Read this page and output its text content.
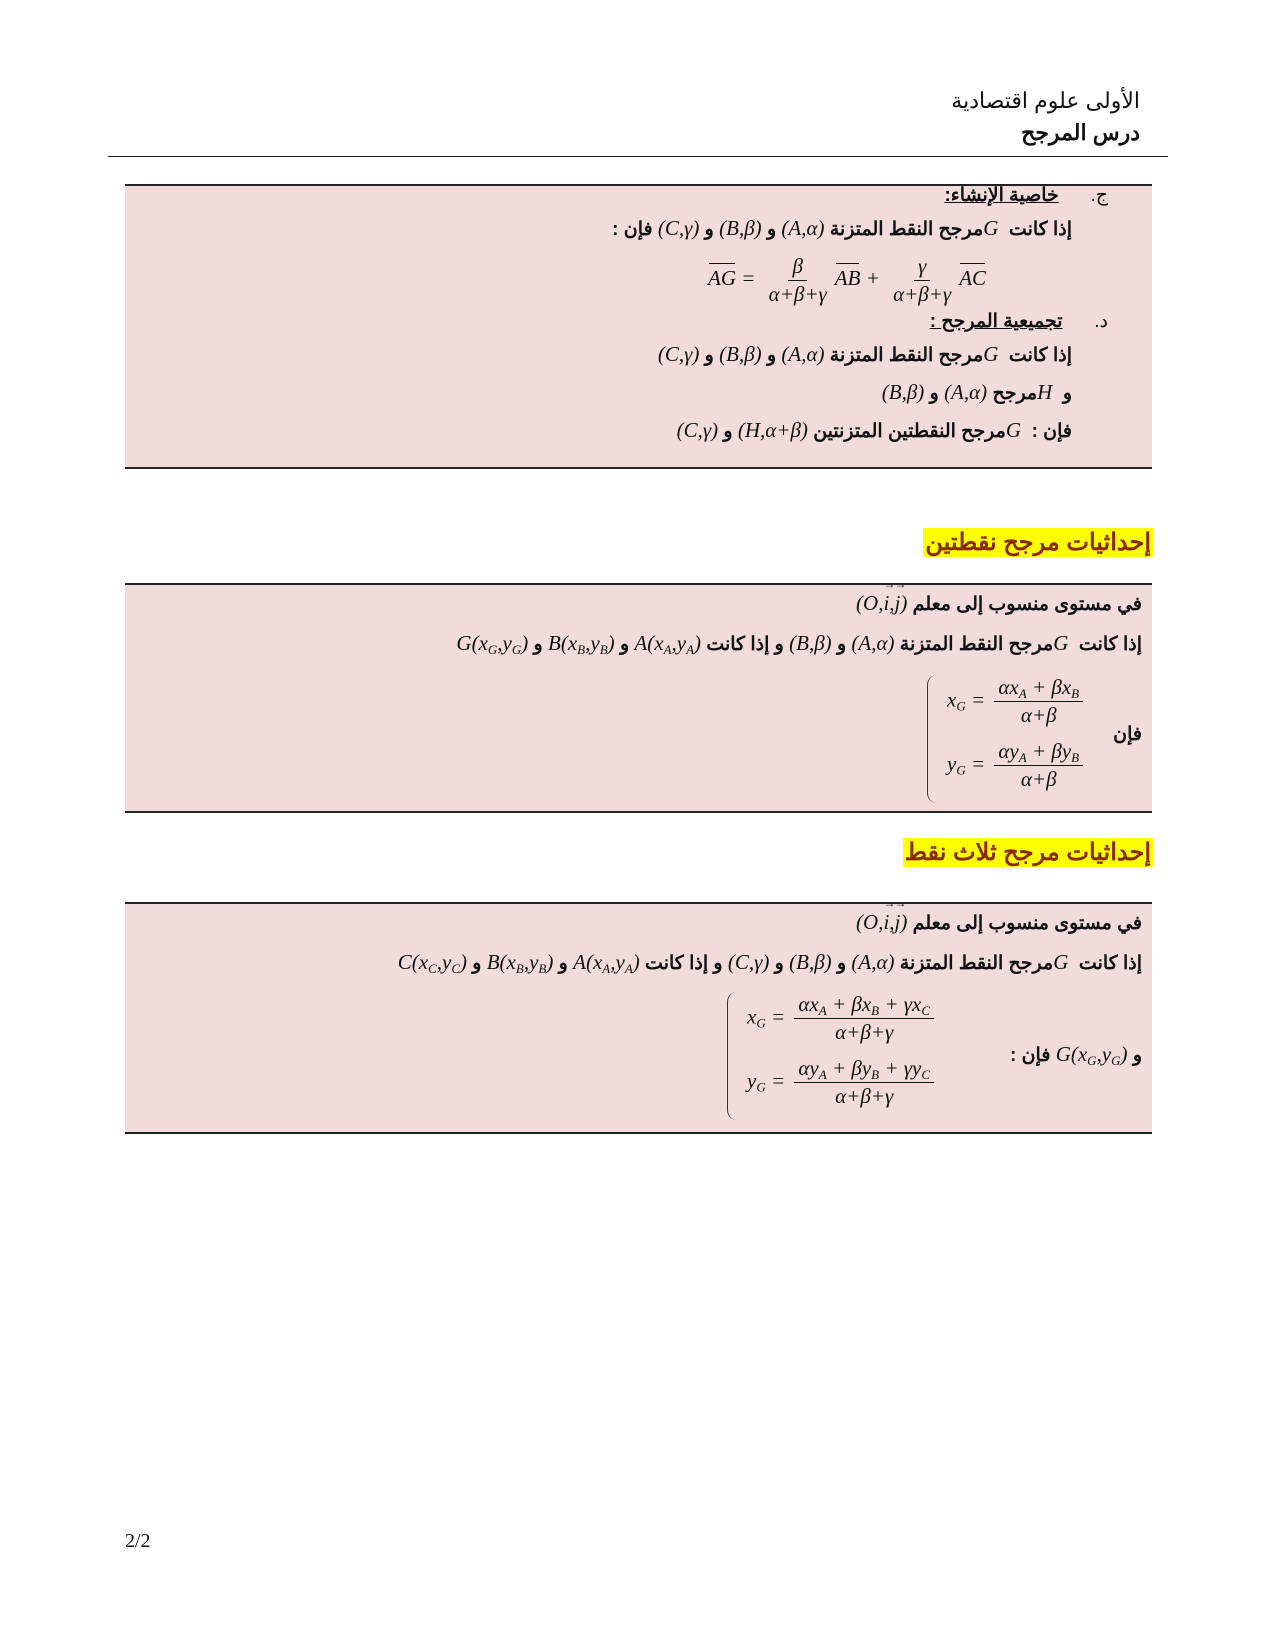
الأولى علوم اقتصادية
درس المرجح
ج.      خاصية الإنشاء:
إذا كانت G مرجح النقط المتزنة (A,α) و (B,β) و (C,γ) فإن :
AG = $\frac{\beta}{\alpha+\beta+\gamma}$ AB + $\frac{\gamma}{\alpha+\beta+\gamma}$ AC
د.      تجميعية المرجح :
إذا كانت G مرجح النقط المتزنة (A,α) و (B,β) و (C,γ)
و H مرجح (A,α) و (B,β)
فإن : G مرجح النقطتين المتزنتين (H,α+β) و (C,γ)
إحداثيات مرجح نقطتين
في مستوى منسوب إلى معلم (O,→ i,→ j)
إذا كانت G مرجح النقط المتزنة (A,α) و (B,β) و إذا كانت $A(x_A,y_A)$ و $B(x_B,y_B)$ و $G(x_G,y_G)$
فإن
$x_G = \frac{\alpha x_A + \beta x_B}{\alpha+\beta}$
$y_G = \frac{\alpha y_A + \beta y_B}{\alpha+\beta}$
إحداثيات مرجح ثلاث نقط
في مستوى منسوب إلى معلم (O,→ i,→ j)
إذا كانت G مرجح النقط المتزنة (A,α) و (B,β) و (C,γ) و إذا كانت $A(x_A,y_A)$ و $B(x_B,y_B)$ و $C(x_C,y_C)$
و $G(x_G,y_G)$ فإن :
$x_G = \frac{\alpha x_A + \beta x_B + \gamma x_C}{\alpha+\beta+\gamma}$
$y_G = \frac{\alpha y_A + \beta y_B + \gamma y_C}{\alpha+\beta+\gamma}$
2/2
